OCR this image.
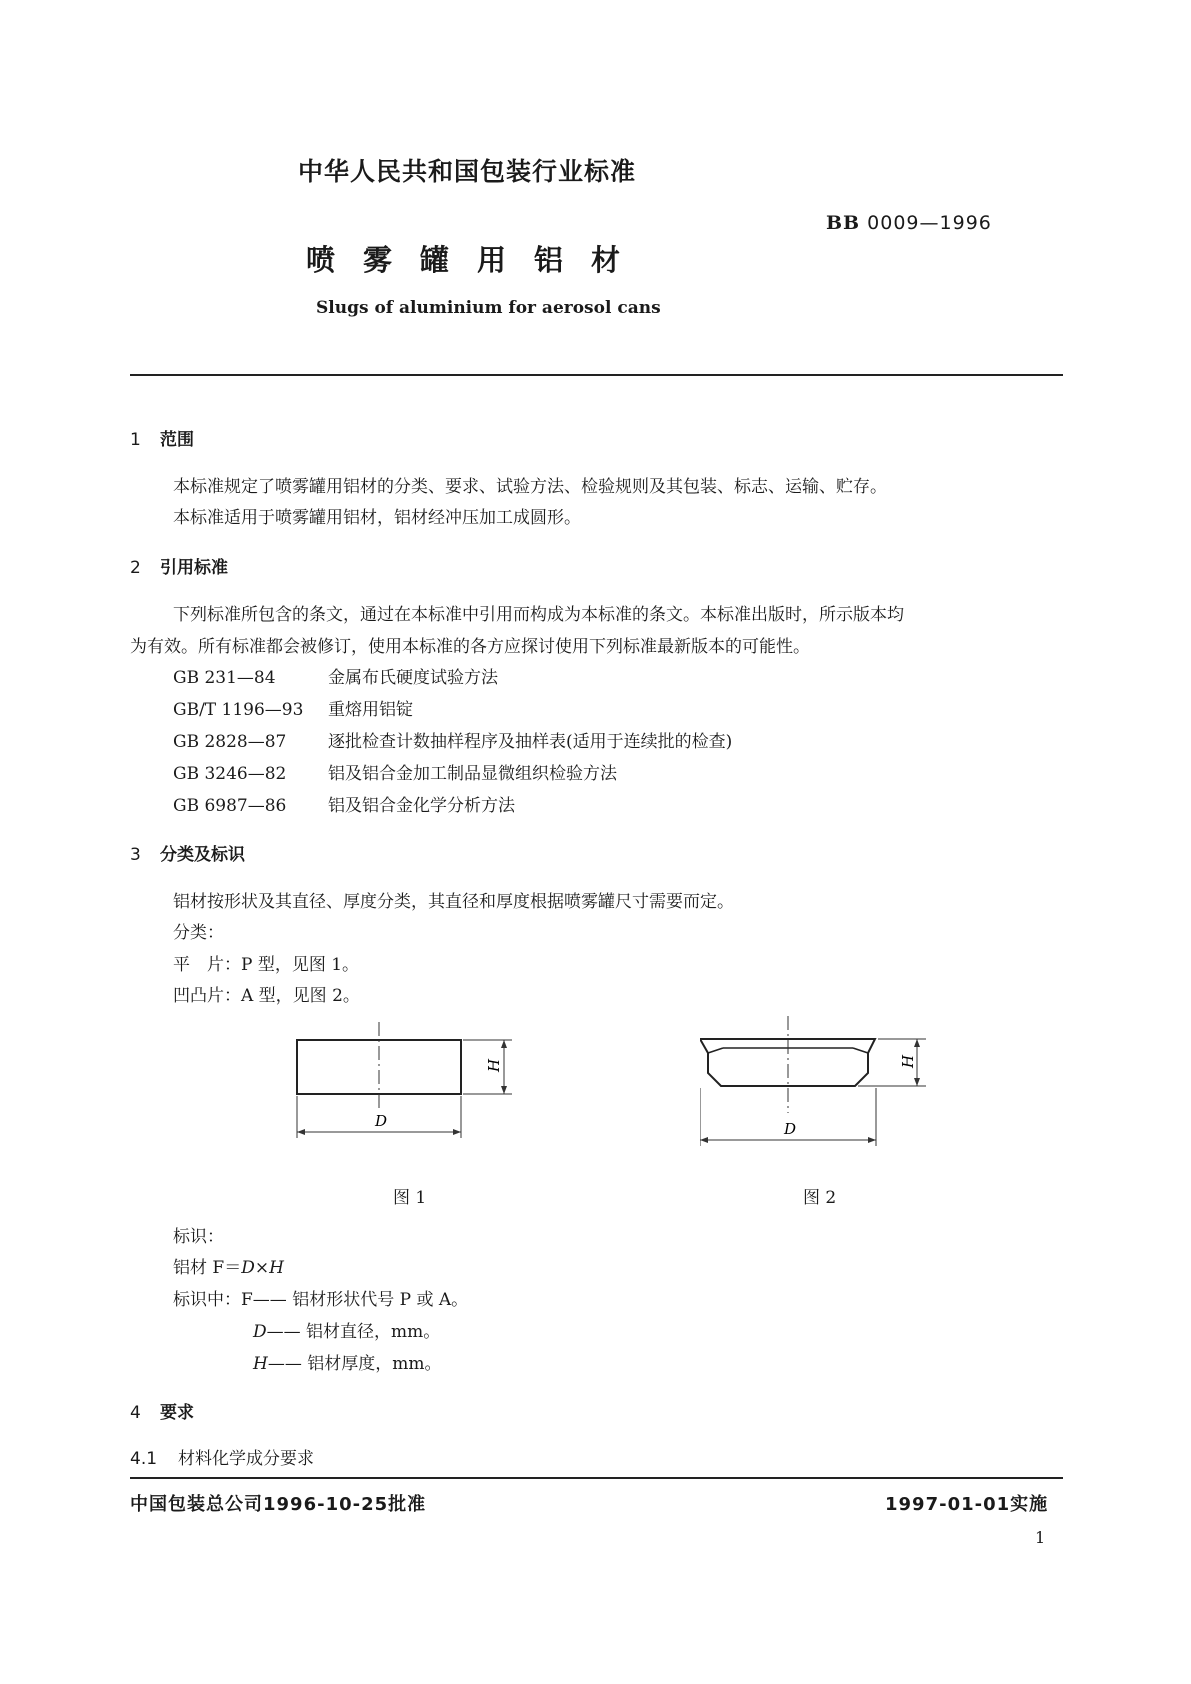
中华人民共和国包装行业标准
BB 0009—1996
喷雾罐用铝材
Slugs of aluminium for aerosol cans
1 范围
本标准规定了喷雾罐用铝材的分类、要求、试验方法、检验规则及其包装、标志、运输、贮存。
本标准适用于喷雾罐用铝材，铝材经冲压加工成圆形。
2 引用标准
下列标准所包含的条文，通过在本标准中引用而构成为本标准的条文。本标准出版时，所示版本均
为有效。所有标准都会被修订，使用本标准的各方应探讨使用下列标准最新版本的可能性。
GB 231—84	金属布氏硬度试验方法
GB/T 1196—93 重熔用铝锭
GB 2828—87 逐批检查计数抽样程序及抽样表(适用于连续批的检查)
GB 3246—82 铝及铝合金加工制品显微组织检验方法
GB 6987—86 铝及铝合金化学分析方法
3 分类及标识
铝材按形状及其直径、厚度分类，其直径和厚度根据喷雾罐尺寸需要而定。
分类：
平　片：P 型，见图 1。
凹凸片：A 型，见图 2。
D
H
图 1
D
H
图 2
标识：
铝材 F＝D×H
标识中：F—— 铝材形状代号 P 或 A。
D—— 铝材直径，mm。
H—— 铝材厚度，mm。
4 要求
4.1 材料化学成分要求
中国包装总公司1996-10-25批准	1997-01-01实施
1
